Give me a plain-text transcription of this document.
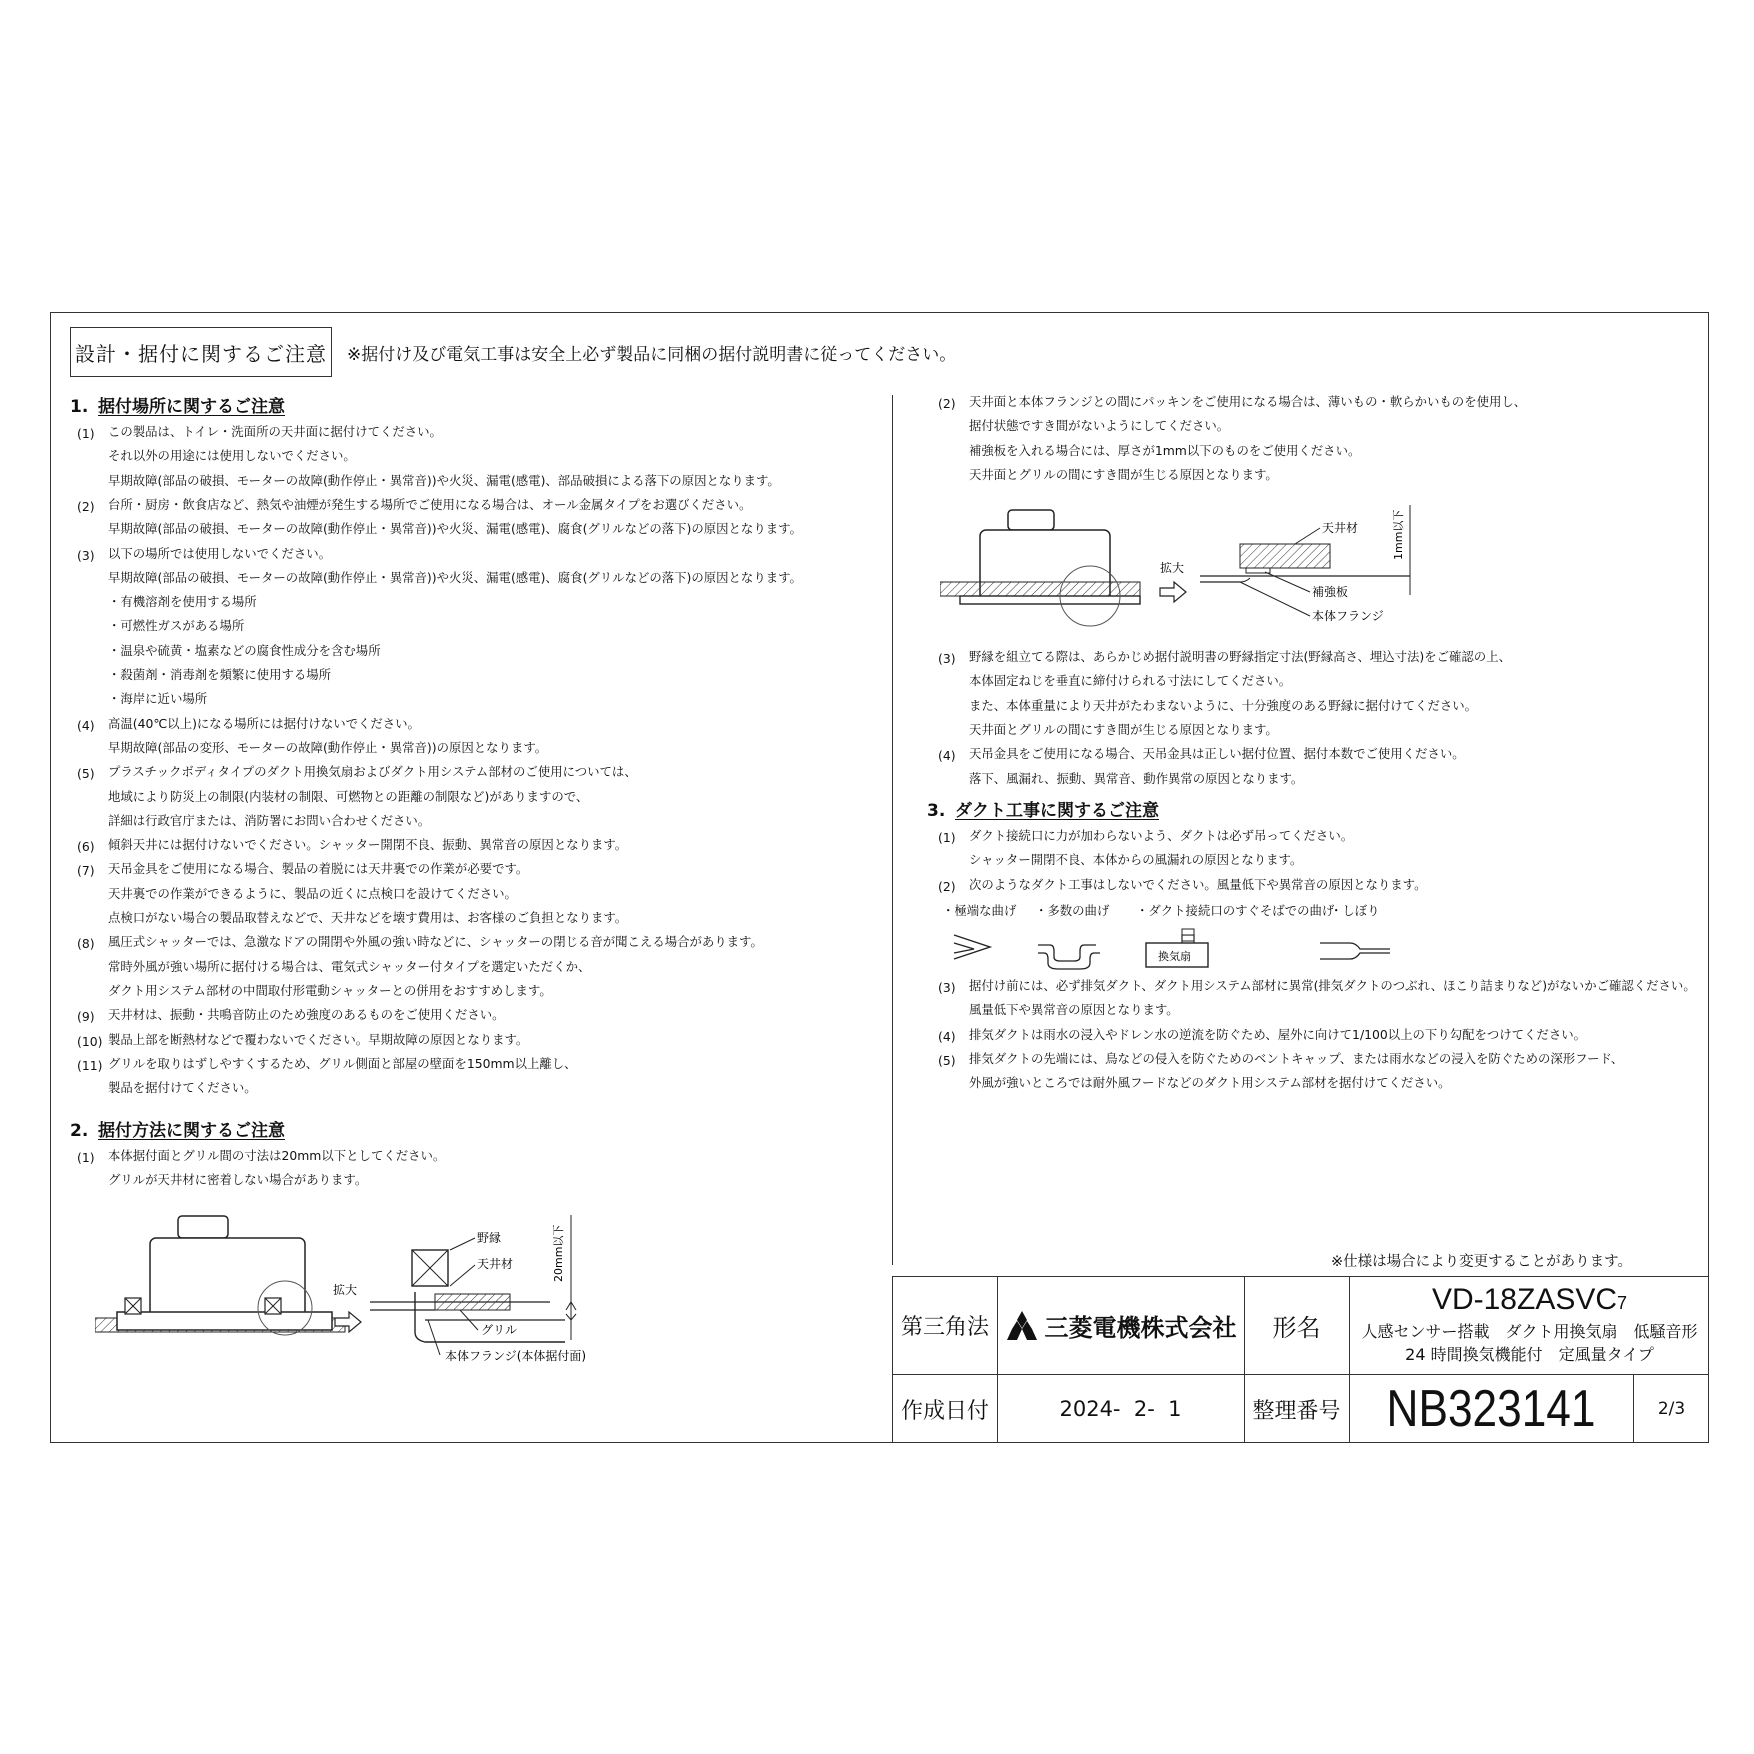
設計・据付に関するご注意 ※据付け及び電気工事は安全上必ず製品に同梱の据付説明書に従ってください。
1. 据付場所に関するご注意
(1) この製品は、トイレ・洗面所の天井面に据付けてください。
それ以外の用途には使用しないでください。
早期故障(部品の破損、モーターの故障(動作停止・異常音))や火災、漏電(感電)、部品破損による落下の原因となります。
(2) 台所・厨房・飲食店など、熱気や油煙が発生する場所でご使用になる場合は、オール金属タイプをお選びください。
早期故障(部品の破損、モーターの故障(動作停止・異常音))や火災、漏電(感電)、腐食(グリルなどの落下)の原因となります。
(3) 以下の場所では使用しないでください。
早期故障(部品の破損、モーターの故障(動作停止・異常音))や火災、漏電(感電)、腐食(グリルなどの落下)の原因となります。
・有機溶剤を使用する場所
・可燃性ガスがある場所
・温泉や硫黄・塩素などの腐食性成分を含む場所
・殺菌剤・消毒剤を頻繁に使用する場所
・海岸に近い場所
(4) 高温(40℃以上)になる場所には据付けないでください。
早期故障(部品の変形、モーターの故障(動作停止・異常音))の原因となります。
(5) プラスチックボディタイプのダクト用換気扇およびダクト用システム部材のご使用については、
地域により防災上の制限(内装材の制限、可燃物との距離の制限など)がありますので、
詳細は行政官庁または、消防署にお問い合わせください。
(6) 傾斜天井には据付けないでください。シャッター開閉不良、振動、異常音の原因となります。
(7) 天吊金具をご使用になる場合、製品の着脱には天井裏での作業が必要です。
天井裏での作業ができるように、製品の近くに点検口を設けてください。
点検口がない場合の製品取替えなどで、天井などを壊す費用は、お客様のご負担となります。
(8) 風圧式シャッターでは、急激なドアの開閉や外風の強い時などに、シャッターの閉じる音が聞こえる場合があります。
常時外風が強い場所に据付ける場合は、電気式シャッター付タイプを選定いただくか、
ダクト用システム部材の中間取付形電動シャッターとの併用をおすすめします。
(9) 天井材は、振動・共鳴音防止のため強度のあるものをご使用ください。
(10) 製品上部を断熱材などで覆わないでください。早期故障の原因となります。
(11) グリルを取りはずしやすくするため、グリル側面と部屋の壁面を150mm以上離し、
製品を据付けてください。
2. 据付方法に関するご注意
(1) 本体据付面とグリル間の寸法は20mm以下としてください。
グリルが天井材に密着しない場合があります。
拡大
野縁
天井材
グリル
本体フランジ(本体据付面)
20mm以下
(2) 天井面と本体フランジとの間にパッキンをご使用になる場合は、薄いもの・軟らかいものを使用し、
据付状態ですき間がないようにしてください。
補強板を入れる場合には、厚さが1mm以下のものをご使用ください。
天井面とグリルの間にすき間が生じる原因となります。
拡大
天井材
補強板
本体フランジ
1mm以下
(3) 野縁を組立てる際は、あらかじめ据付説明書の野縁指定寸法(野縁高さ、埋込寸法)をご確認の上、
本体固定ねじを垂直に締付けられる寸法にしてください。
また、本体重量により天井がたわまないように、十分強度のある野縁に据付けてください。
天井面とグリルの間にすき間が生じる原因となります。
(4) 天吊金具をご使用になる場合、天吊金具は正しい据付位置、据付本数でご使用ください。
落下、風漏れ、振動、異常音、動作異常の原因となります。
3. ダクト工事に関するご注意
(1) ダクト接続口に力が加わらないよう、ダクトは必ず吊ってください。
シャッター開閉不良、本体からの風漏れの原因となります。
(2) 次のようなダクト工事はしないでください。風量低下や異常音の原因となります。
・極端な曲げ ・多数の曲げ ・ダクト接続口のすぐそばでの曲げ
・しぼり
換気扇
(3) 据付け前には、必ず排気ダクト、ダクト用システム部材に異常(排気ダクトのつぶれ、ほこり詰まりなど)がないかご確認ください。
風量低下や異常音の原因となります。
(4) 排気ダクトは雨水の浸入やドレン水の逆流を防ぐため、屋外に向けて1/100以上の下り勾配をつけてください。
(5) 排気ダクトの先端には、鳥などの侵入を防ぐためのベントキャップ、または雨水などの浸入を防ぐための深形フード、
外風が強いところでは耐外風フードなどのダクト用システム部材を据付けてください。
※仕様は場合により変更することがあります。
第三角法	三菱電機株式会社	形名
VD-18ZASVC7
人感センサー搭載　ダクト用換気扇　低騒音形
24 時間換気機能付　定風量タイプ
作成日付	2024-  2-  1	整理番号 NB323141	2/3
